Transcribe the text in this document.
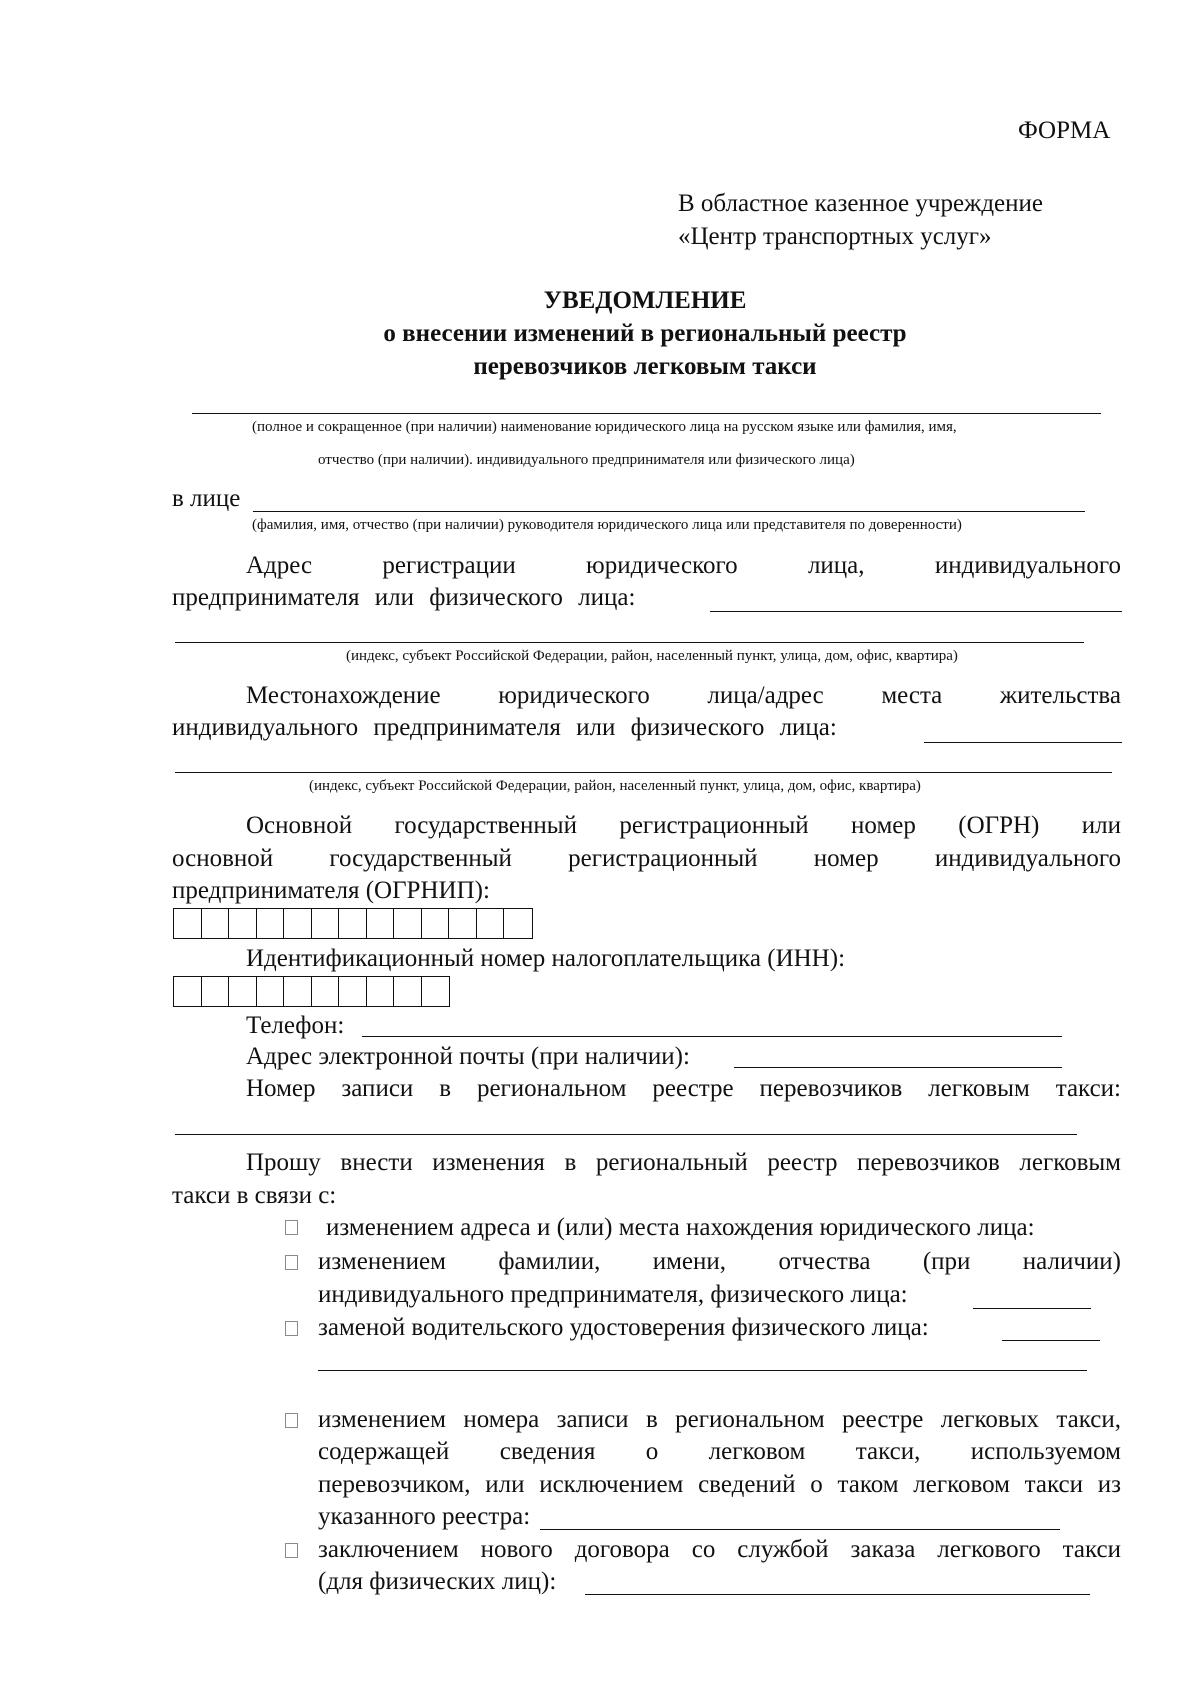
ФОРМА
В областное казенное учреждение
«Центр транспортных услуг»
УВЕДОМЛЕНИЕ
о внесении изменений в региональный реестр
перевозчиков легковым такси
(полное и сокращенное (при наличии) наименование юридического лица на русском языке или фамилия, имя,
отчество (при наличии). индивидуального предпринимателя или физического лица)
в лице
(фамилия, имя, отчество (при наличии) руководителя юридического лица или представителя по доверенности)
Адрес регистрации юридического лица, индивидуального
предпринимателя или физического лица:
(индекс, субъект Российской Федерации, район, населенный пункт, улица, дом, офис, квартира)
Местонахождение юридического лица/адрес места жительства
индивидуального предпринимателя или физического лица:
(индекс, субъект Российской Федерации, район, населенный пункт, улица, дом, офис, квартира)
Основной государственный регистрационный номер (ОГРН) или
основной государственный регистрационный номер индивидуального
предпринимателя (ОГРНИП):
Идентификационный номер налогоплательщика (ИНН):
Телефон:
Адрес электронной почты (при наличии):
Номер записи в региональном реестре перевозчиков легковым такси:
Прошу внести изменения в региональный реестр перевозчиков легковым
такси в связи с:
изменением адреса и (или) места нахождения юридического лица:
изменением фамилии, имени, отчества (при наличии)
индивидуального предпринимателя, физического лица:
заменой водительского удостоверения физического лица:
изменением номера записи в региональном реестре легковых такси,
содержащей сведения о легковом такси, используемом
перевозчиком, или исключением сведений о таком легковом такси из
указанного реестра:
заключением нового договора со службой заказа легкового такси
(для физических лиц):
